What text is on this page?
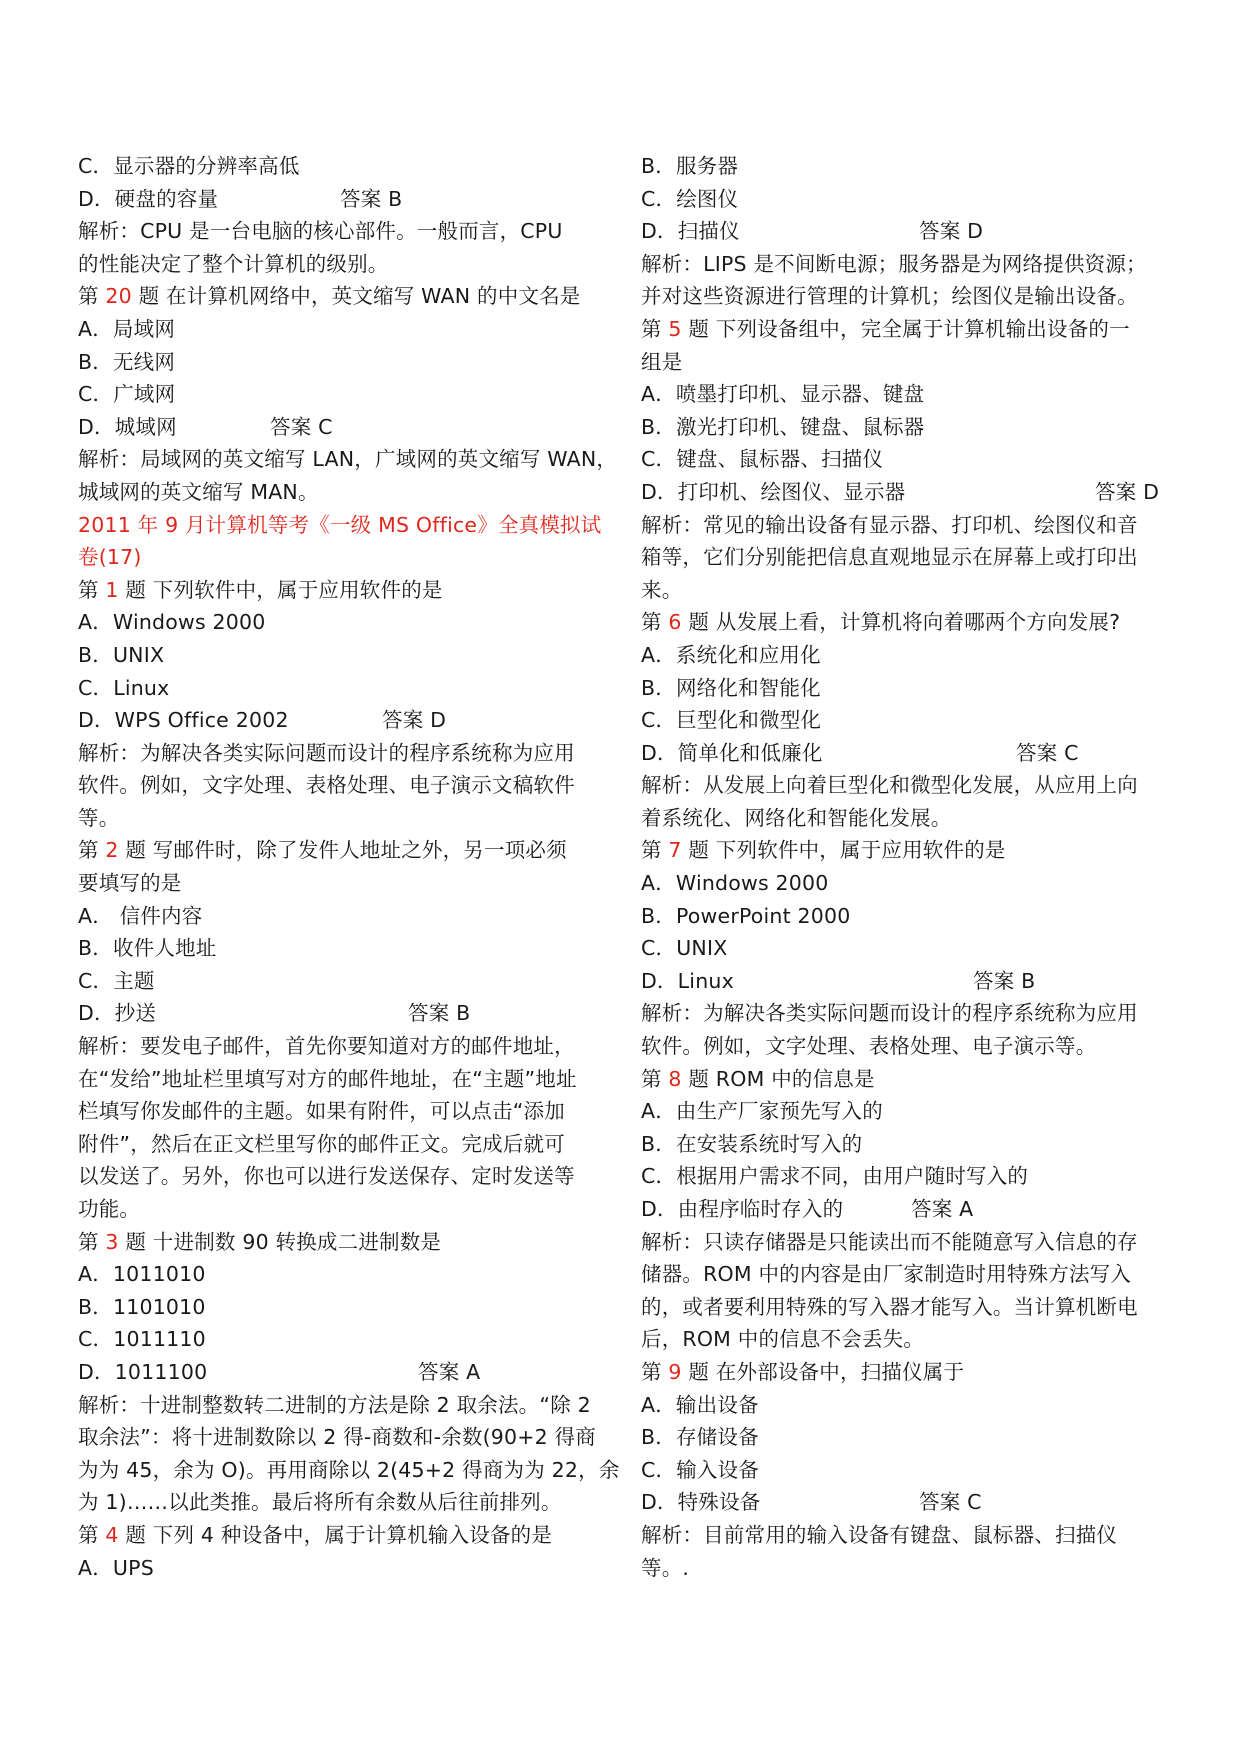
C．显示器的分辨率高低
D．硬盘的容量	答案 B
解析：CPU 是一台电脑的核心部件。一般而言，CPU
的性能决定了整个计算机的级别。
第 20 题 在计算机网络中，英文缩写 WAN 的中文名是
A．局域网
B．无线网
C．广域网
D．城域网	答案 C
解析：局域网的英文缩写 LAN，广域网的英文缩写 WAN，
城域网的英文缩写 MAN。
2011 年 9 月计算机等考《一级 MS Office》全真模拟试
卷(17)
第 1 题 下列软件中，属于应用软件的是
A．Windows 2000
B．UNIX
C．Linux
D．WPS Office 2002	答案 D
解析：为解决各类实际问题而设计的程序系统称为应用
软件。例如，文字处理、表格处理、电子演示文稿软件
等。
第 2 题 写邮件时，除了发件人地址之外，另一项必须
要填写的是
A． 信件内容
B．收件人地址
C．主题
D．抄送	答案 B
解析：要发电子邮件，首先你要知道对方的邮件地址，
在“发给”地址栏里填写对方的邮件地址，在“主题”地址
栏填写你发邮件的主题。如果有附件，可以点击“添加
附件”，然后在正文栏里写你的邮件正文。完成后就可
以发送了。另外，你也可以进行发送保存、定时发送等
功能。
第 3 题 十进制数 90 转换成二进制数是
A．1011010
B．1101010
C．1011110
D．1011100	答案 A
解析：十进制整数转二进制的方法是除 2 取余法。“除 2
取余法”：将十进制数除以 2 得-商数和-余数(90+2 得商
为为 45，余为 O)。再用商除以 2(45+2 得商为为 22，余
为 1)……以此类推。最后将所有余数从后往前排列。
第 4 题 下列 4 种设备中，属于计算机输入设备的是
A．UPS
B．服务器
C．绘图仪
D．扫描仪	答案 D
解析：LIPS 是不间断电源；服务器是为网络提供资源；
并对这些资源进行管理的计算机；绘图仪是输出设备。
第 5 题 下列设备组中，完全属于计算机输出设备的一
组是
A．喷墨打印机、显示器、键盘
B．激光打印机、键盘、鼠标器
C．键盘、鼠标器、扫描仪
D．打印机、绘图仪、显示器	答案 D
解析：常见的输出设备有显示器、打印机、绘图仪和音
箱等，它们分别能把信息直观地显示在屏幕上或打印出
来。
第 6 题 从发展上看，计算机将向着哪两个方向发展?
A．系统化和应用化
B．网络化和智能化
C．巨型化和微型化
D．简单化和低廉化	答案 C
解析：从发展上向着巨型化和微型化发展，从应用上向
着系统化、网络化和智能化发展。
第 7 题 下列软件中，属于应用软件的是
A．Windows 2000
B．PowerPoint 2000
C．UNIX
D．Linux	答案 B
解析：为解决各类实际问题而设计的程序系统称为应用
软件。例如，文字处理、表格处理、电子演示等。
第 8 题 ROM 中的信息是
A．由生产厂家预先写入的
B．在安装系统时写入的
C．根据用户需求不同，由用户随时写入的
D．由程序临时存入的	答案 A
解析：只读存储器是只能读出而不能随意写入信息的存
储器。ROM 中的内容是由厂家制造时用特殊方法写入
的，或者要利用特殊的写入器才能写入。当计算机断电
后，ROM 中的信息不会丢失。
第 9 题 在外部设备中，扫描仪属于
A．输出设备
B．存储设备
C．输入设备
D．特殊设备	答案 C
解析：目前常用的输入设备有键盘、鼠标器、扫描仪
等。.
